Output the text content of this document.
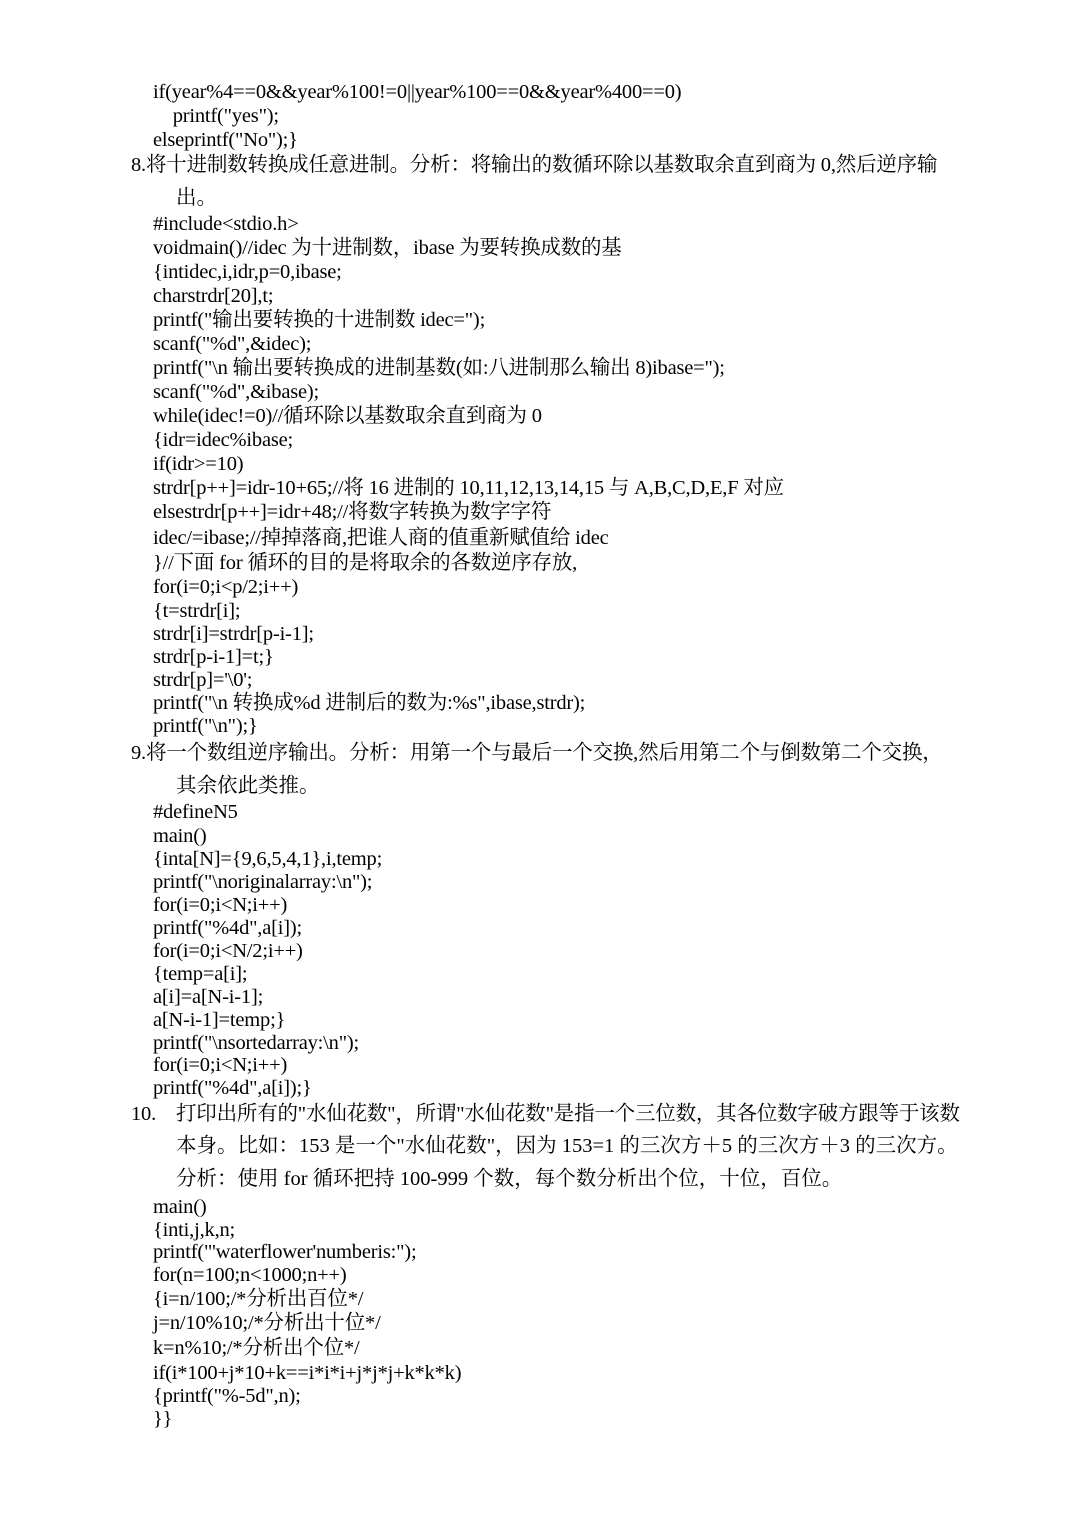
if(year%4==0&&year%100!=0||year%100==0&&year%400==0)
printf("yes");
elseprintf("No");}
8.将十进制数转换成任意进制。分析：将输出的数循环除以基数取余直到商为 0,然后逆序输
出。
#include<stdio.h>
voidmain()//idec 为十进制数，ibase 为要转换成数的基
{intidec,i,idr,p=0,ibase;
charstrdr[20],t;
printf("输出要转换的十进制数 idec=");
scanf("%d",&idec);
printf("\n 输出要转换成的进制基数(如:八进制那么输出 8)ibase=");
scanf("%d",&ibase);
while(idec!=0)//循环除以基数取余直到商为 0
{idr=idec%ibase;
if(idr>=10)
strdr[p++]=idr-10+65;//将 16 进制的 10,11,12,13,14,15 与 A,B,C,D,E,F 对应
elsestrdr[p++]=idr+48;//将数字转换为数字字符
idec/=ibase;//掉掉落商,把谁人商的值重新赋值给 idec
}//下面 for 循环的目的是将取余的各数逆序存放,
for(i=0;i<p/2;i++)
{t=strdr[i];
strdr[i]=strdr[p-i-1];
strdr[p-i-1]=t;}
strdr[p]='\0';
printf("\n 转换成%d 进制后的数为:%s",ibase,strdr);
printf("\n");}
9.将一个数组逆序输出。分析：用第一个与最后一个交换,然后用第二个与倒数第二个交换，
其余依此类推。
#defineN5
main()
{inta[N]={9,6,5,4,1},i,temp;
printf("\noriginalarray:\n");
for(i=0;i<N;i++)
printf("%4d",a[i]);
for(i=0;i<N/2;i++)
{temp=a[i];
a[i]=a[N-i-1];
a[N-i-1]=temp;}
printf("\nsortedarray:\n");
for(i=0;i<N;i++)
printf("%4d",a[i]);}
10. 打印出所有的"水仙花数"，所谓"水仙花数"是指一个三位数，其各位数字破方跟等于该数
本身。比如：153 是一个"水仙花数"，因为 153=1 的三次方＋5 的三次方＋3 的三次方。
分析：使用 for 循环把持 100-999 个数，每个数分析出个位，十位，百位。
main()
{inti,j,k,n;
printf("'waterflower'numberis:");
for(n=100;n<1000;n++)
{i=n/100;/*分析出百位*/
j=n/10%10;/*分析出十位*/
k=n%10;/*分析出个位*/
if(i*100+j*10+k==i*i*i+j*j*j+k*k*k)
{printf("%-5d",n);
}}
